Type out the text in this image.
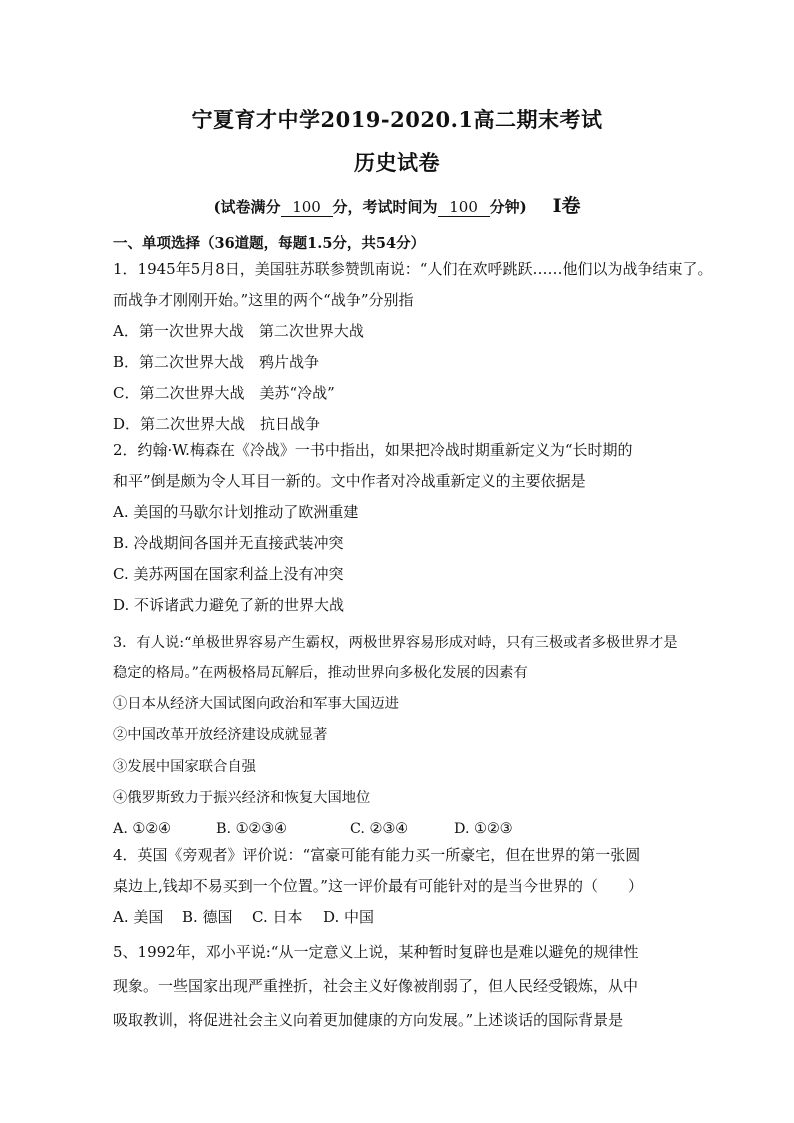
宁夏育才中学2019-2020.1高二期末考试
历史试卷
(试卷满分 100 分，考试时间为 100 分钟) Ⅰ卷
一、单项选择（36道题，每题1.5分，共54分）
1．1945年5月8日，美国驻苏联参赞凯南说：“人们在欢呼跳跃……他们以为战争结束了。
而战争才刚刚开始。”这里的两个“战争”分别指
A．第一次世界大战　第二次世界大战
B．第二次世界大战　鸦片战争
C．第二次世界大战　美苏“冷战”
D．第二次世界大战　抗日战争
2．约翰·W.梅森在《冷战》一书中指出，如果把冷战时期重新定义为“长时期的
和平”倒是颇为令人耳目一新的。文中作者对冷战重新定义的主要依据是
A. 美国的马歇尔计划推动了欧洲重建
B. 冷战期间各国并无直接武装冲突
C. 美苏两国在国家利益上没有冲突
D. 不诉诸武力避免了新的世界大战
3．有人说:“单极世界容易产生霸权，两极世界容易形成对峙，只有三极或者多极世界才是
稳定的格局。”在两极格局瓦解后，推动世界向多极化发展的因素有
①日本从经济大国试图向政治和军事大国迈进
②中国改革开放经济建设成就显著
③发展中国家联合自强
④俄罗斯致力于振兴经济和恢复大国地位
A. ①②④	B. ①②③④	C. ②③④	D. ①②③
4．英国《旁观者》评价说：“富豪可能有能力买一所豪宅，但在世界的第一张圆
桌边上,钱却不易买到一个位置。”这一评价最有可能针对的是当今世界的（　　）
A. 美国 B. 德国 C. 日本 D. 中国
5、1992年，邓小平说:“从一定意义上说，某种暂时复辟也是难以避免的规律性
现象。一些国家出现严重挫折，社会主义好像被削弱了，但人民经受锻炼，从中
吸取教训，将促进社会主义向着更加健康的方向发展。”上述谈话的国际背景是
